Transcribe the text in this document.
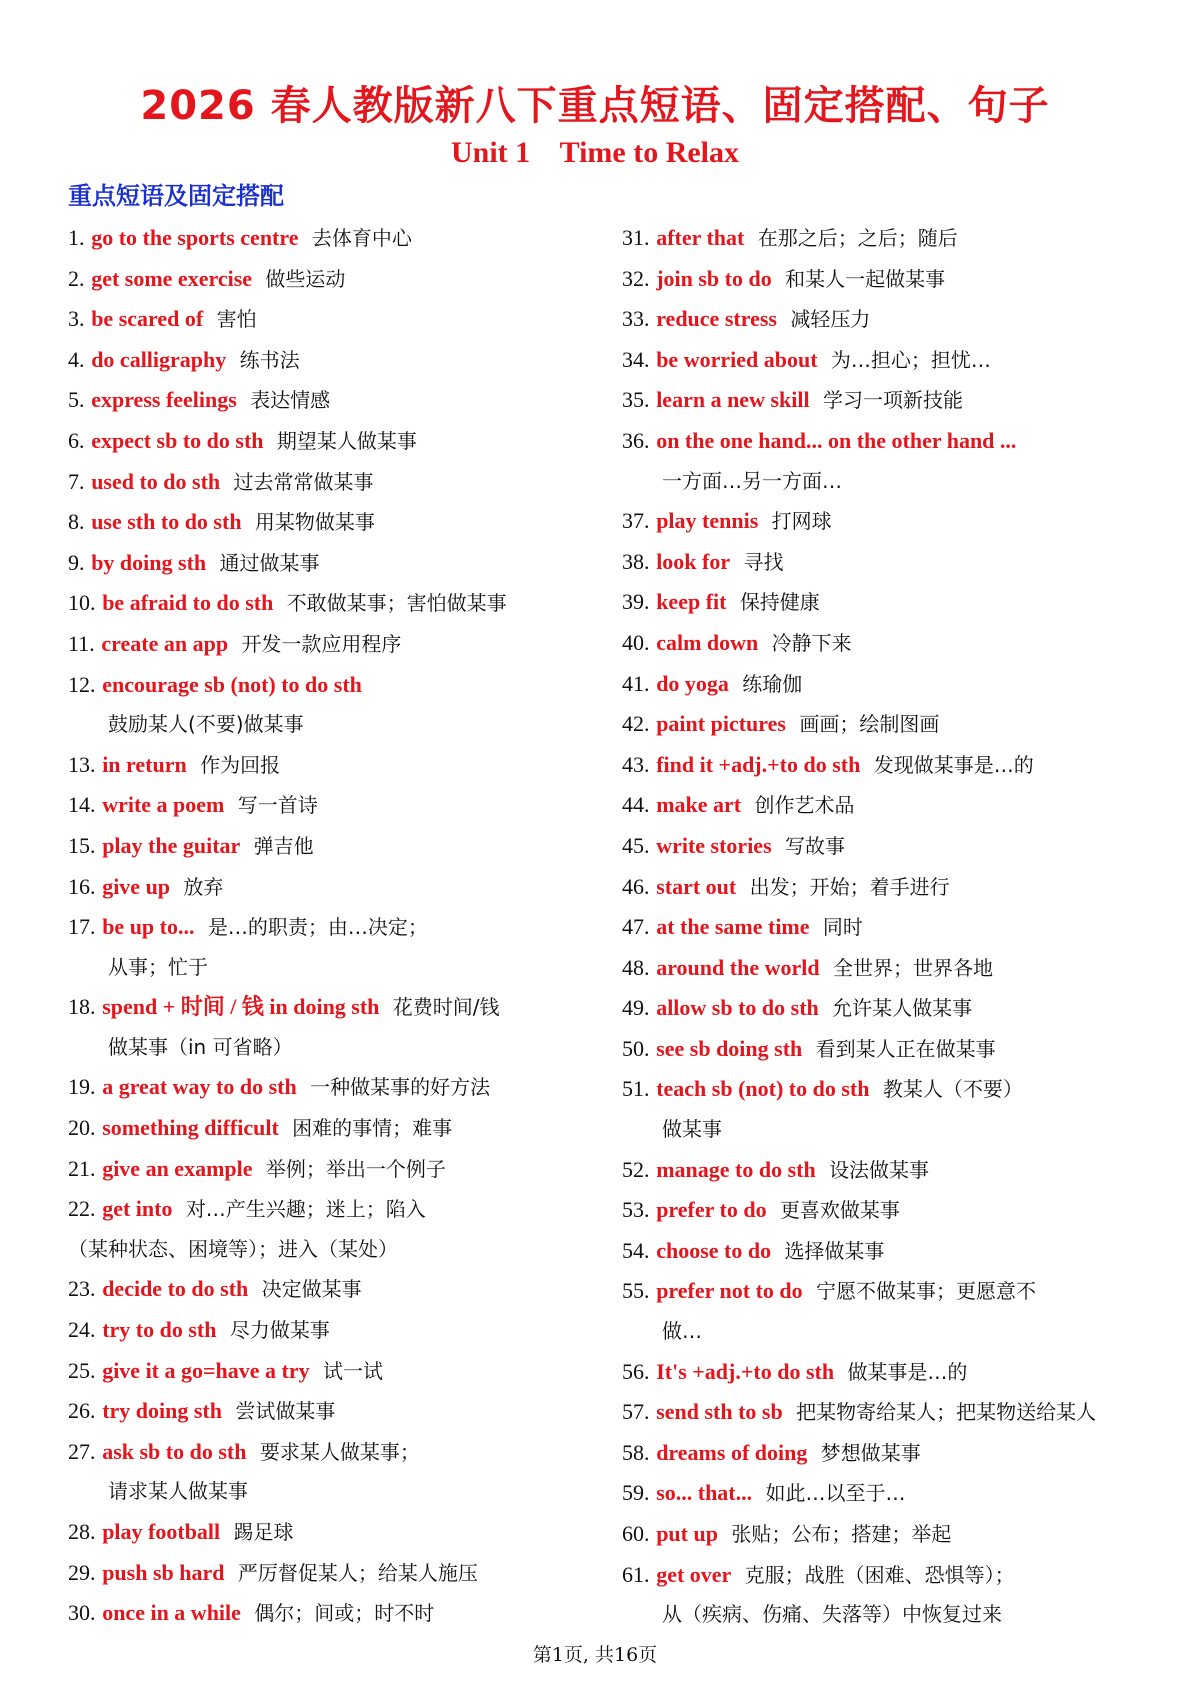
2026 春人教版新八下重点短语、固定搭配、句子
Unit 1    Time to Relax
重点短语及固定搭配
1. go to the sports centre 去体育中心
2. get some exercise 做些运动
3. be scared of 害怕
4. do calligraphy 练书法
5. express feelings 表达情感
6. expect sb to do sth 期望某人做某事
7. used to do sth 过去常常做某事
8. use sth to do sth 用某物做某事
9. by doing sth 通过做某事
10. be afraid to do sth 不敢做某事；害怕做某事
11. create an app 开发一款应用程序
12. encourage sb (not) to do sth
鼓励某人(不要)做某事
13. in return 作为回报
14. write a poem 写一首诗
15. play the guitar 弹吉他
16. give up 放弃
17. be up to... 是…的职责；由…决定；
从事；忙于
18. spend + 时间 / 钱 in doing sth 花费时间/钱
做某事（in 可省略）
19. a great way to do sth 一种做某事的好方法
20. something difficult 困难的事情；难事
21. give an example 举例；举出一个例子
22. get into 对…产生兴趣；迷上；陷入
（某种状态、困境等）；进入（某处）
23. decide to do sth 决定做某事
24. try to do sth 尽力做某事
25. give it a go=have a try 试一试
26. try doing sth 尝试做某事
27. ask sb to do sth 要求某人做某事；
请求某人做某事
28. play football 踢足球
29. push sb hard 严厉督促某人；给某人施压
30. once in a while 偶尔；间或；时不时
31. after that 在那之后；之后；随后
32. join sb to do 和某人一起做某事
33. reduce stress 减轻压力
34. be worried about 为…担心；担忧…
35. learn a new skill 学习一项新技能
36. on the one hand... on the other hand ...
一方面…另一方面…
37. play tennis 打网球
38. look for 寻找
39. keep fit 保持健康
40. calm down 冷静下来
41. do yoga 练瑜伽
42. paint pictures 画画；绘制图画
43. find it +adj.+to do sth 发现做某事是…的
44. make art 创作艺术品
45. write stories 写故事
46. start out 出发；开始；着手进行
47. at the same time 同时
48. around the world 全世界；世界各地
49. allow sb to do sth 允许某人做某事
50. see sb doing sth 看到某人正在做某事
51. teach sb (not) to do sth 教某人（不要）
做某事
52. manage to do sth 设法做某事
53. prefer to do 更喜欢做某事
54. choose to do 选择做某事
55. prefer not to do 宁愿不做某事；更愿意不
做…
56. It's +adj.+to do sth 做某事是…的
57. send sth to sb 把某物寄给某人；把某物送给某人
58. dreams of doing 梦想做某事
59. so... that... 如此…以至于…
60. put up 张贴；公布；搭建；举起
61. get over 克服；战胜（困难、恐惧等）；
从（疾病、伤痛、失落等）中恢复过来
第1页, 共16页
